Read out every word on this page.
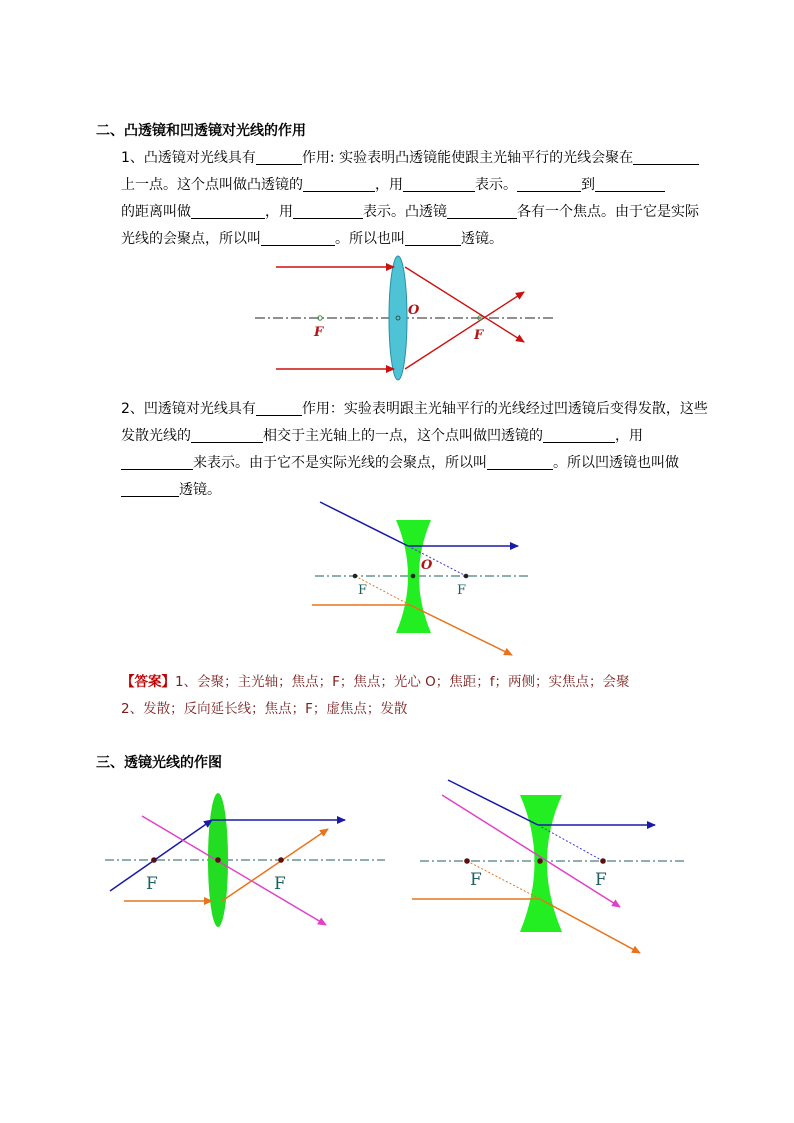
二、凸透镜和凹透镜对光线的作用
1、凸透镜对光线具有	作用: 实验表明凸透镜能使跟主光轴平行的光线会聚在
上一点。这个点叫做凸透镜的	，用	表示。	到
的距离叫做	，用	表示。凸透镜	各有一个焦点。由于它是实际光线的会聚点，所以叫	。所以也叫	透镜。
O
F	F
2、凹透镜对光线具有	作用：实验表明跟主光轴平行的光线经过凹透镜后变得发散，这些发散光线的	相交于主光轴上的一点，这个点叫做凹透镜的	，用
来表示。由于它不是实际光线的会聚点，所以叫	。所以凹透镜也叫做
透镜。
O
F	F
【答案】1、会聚；主光轴；焦点；F；焦点；光心 O；焦距；f；两侧；实焦点；会聚
2、发散；反向延长线；焦点；F；虚焦点；发散
三、透镜光线的作图
F	F	F	F
